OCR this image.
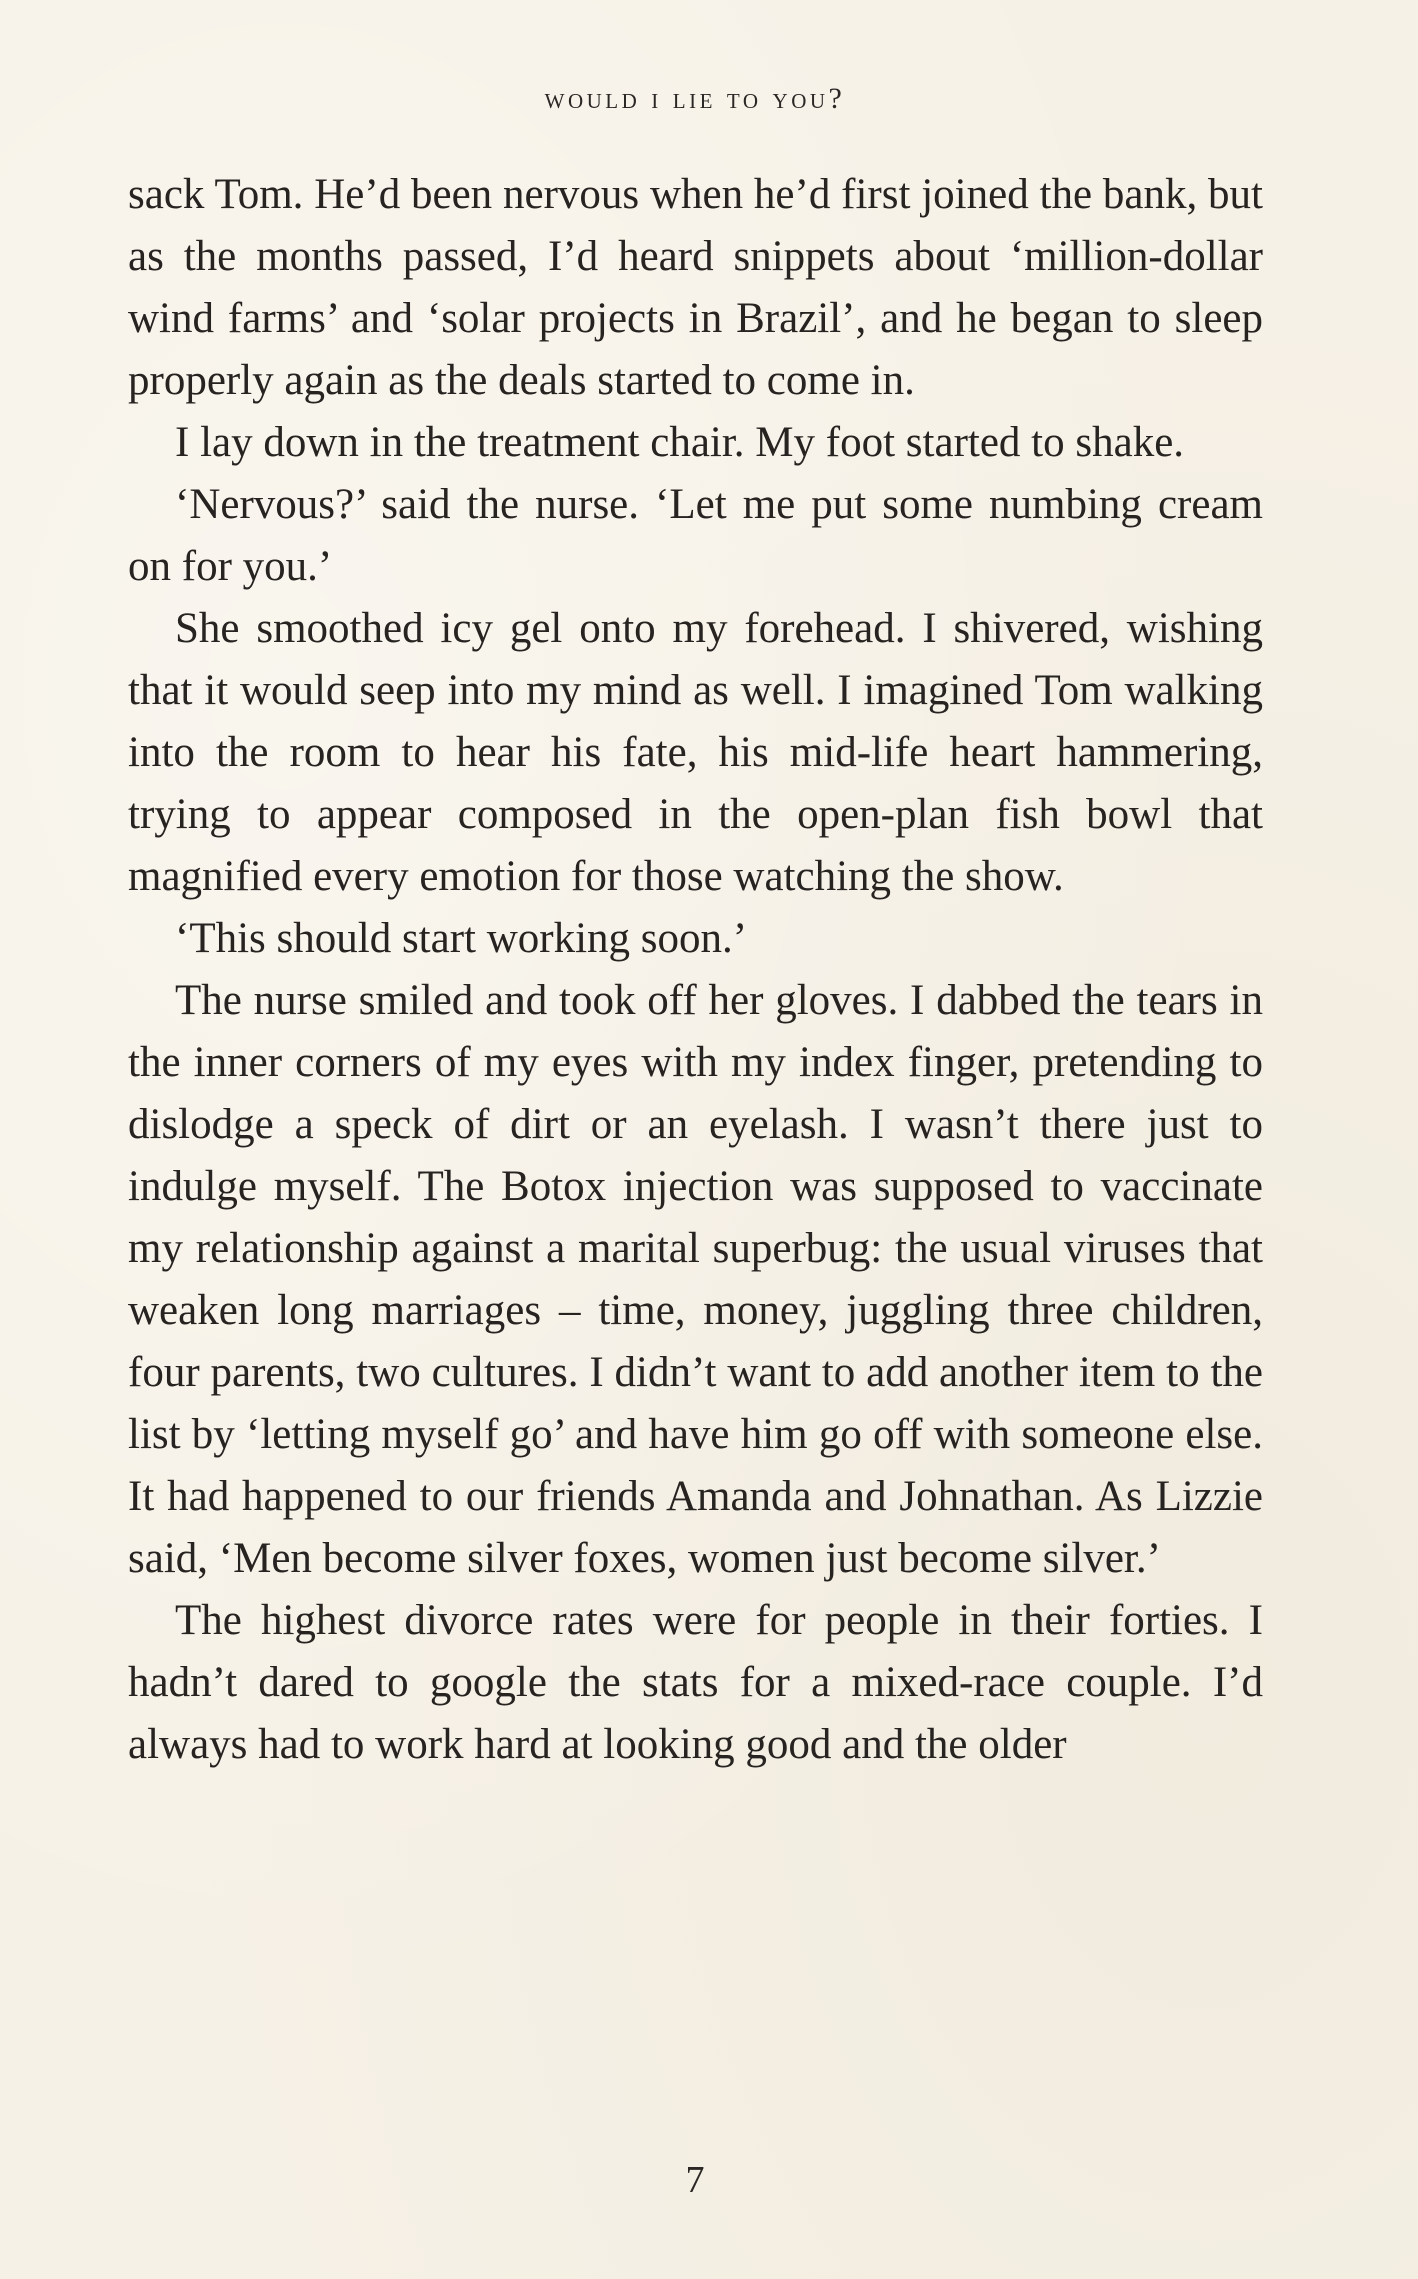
would i lie to you?

sack Tom. He’d been nervous when he’d first joined the bank, but as the months passed, I’d heard snippets about ‘million-dollar wind farms’ and ‘solar projects in Brazil’, and he began to sleep properly again as the deals started to come in.

I lay down in the treatment chair. My foot started to shake.

‘Nervous?’ said the nurse. ‘Let me put some numbing cream on for you.’

She smoothed icy gel onto my forehead. I shivered, wishing that it would seep into my mind as well. I imagined Tom walking into the room to hear his fate, his mid-life heart hammering, trying to appear composed in the open-plan fish bowl that magnified every emotion for those watching the show.

‘This should start working soon.’

The nurse smiled and took off her gloves. I dabbed the tears in the inner corners of my eyes with my index finger, pretending to dislodge a speck of dirt or an eyelash. I wasn’t there just to indulge myself. The Botox injection was supposed to vaccinate my relationship against a marital superbug: the usual viruses that weaken long marriages – time, money, juggling three children, four parents, two cultures. I didn’t want to add another item to the list by ‘letting myself go’ and have him go off with someone else. It had happened to our friends Amanda and Johnathan. As Lizzie said, ‘Men become silver foxes, women just become silver.’

The highest divorce rates were for people in their forties. I hadn’t dared to google the stats for a mixed-race couple. I’d always had to work hard at looking good and the older

7
